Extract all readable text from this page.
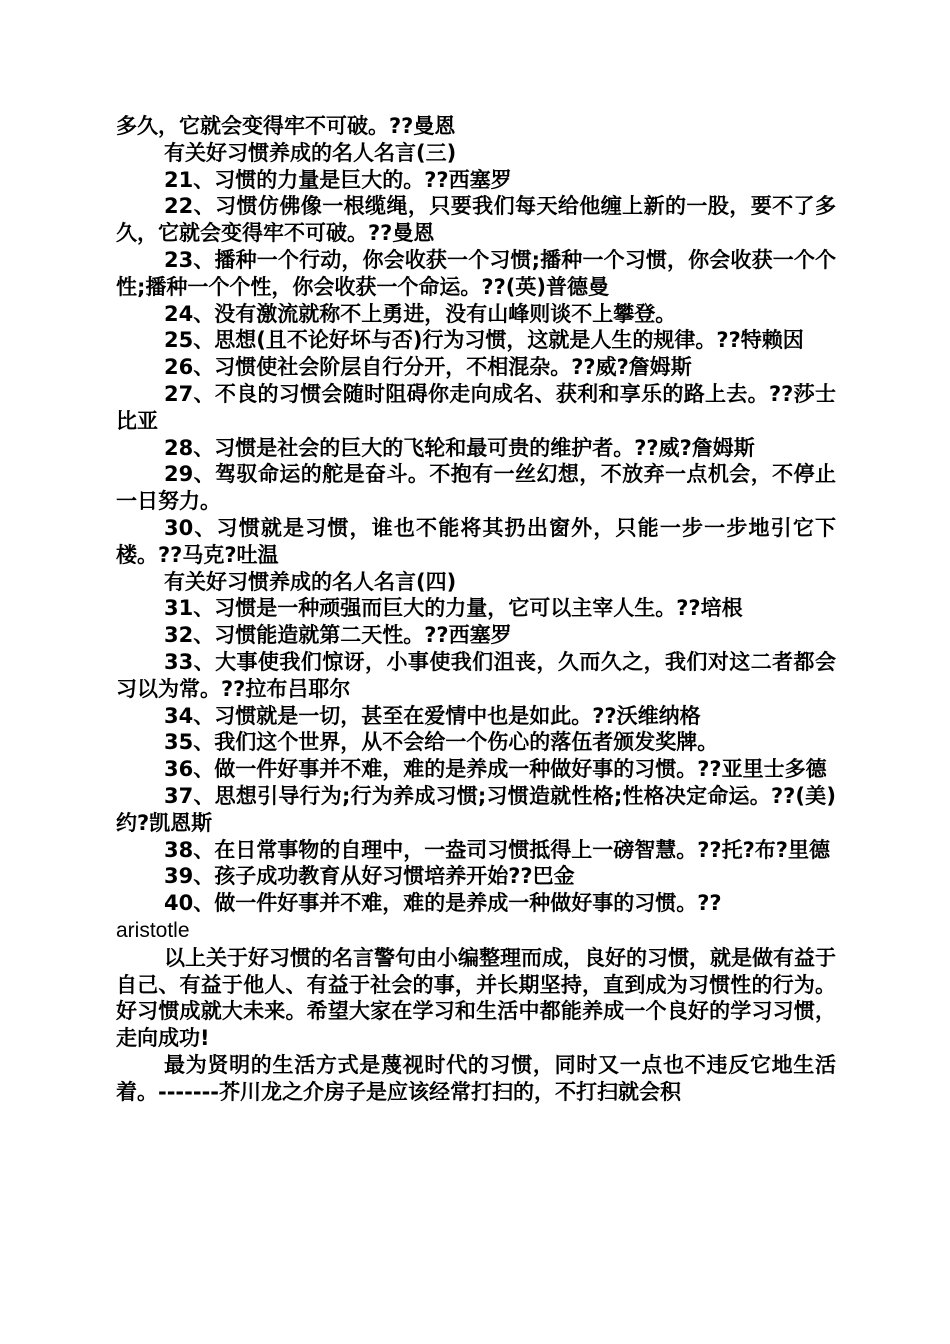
多久，它就会变得牢不可破。??曼恩

有关好习惯养成的名人名言(三)

21、习惯的力量是巨大的。??西塞罗

22、习惯仿佛像一根缆绳，只要我们每天给他缠上新的一股，要不了多久，它就会变得牢不可破。??曼恩

23、播种一个行动，你会收获一个习惯;播种一个习惯，你会收获一个个性;播种一个个性，你会收获一个命运。??(英)普德曼

24、没有激流就称不上勇进，没有山峰则谈不上攀登。

25、思想(且不论好坏与否)行为习惯，这就是人生的规律。??特赖因

26、习惯使社会阶层自行分开，不相混杂。??威?詹姆斯

27、不良的习惯会随时阻碍你走向成名、获利和享乐的路上去。??莎士比亚

28、习惯是社会的巨大的飞轮和最可贵的维护者。??威?詹姆斯

29、驾驭命运的舵是奋斗。不抱有一丝幻想，不放弃一点机会，不停止一日努力。

30、习惯就是习惯，谁也不能将其扔出窗外，只能一步一步地引它下楼。??马克?吐温

有关好习惯养成的名人名言(四)

31、习惯是一种顽强而巨大的力量，它可以主宰人生。??培根

32、习惯能造就第二天性。??西塞罗

33、大事使我们惊讶，小事使我们沮丧，久而久之，我们对这二者都会习以为常。??拉布吕耶尔

34、习惯就是一切，甚至在爱情中也是如此。??沃维纳格

35、我们这个世界，从不会给一个伤心的落伍者颁发奖牌。

36、做一件好事并不难，难的是养成一种做好事的习惯。??亚里士多德

37、思想引导行为;行为养成习惯;习惯造就性格;性格决定命运。??(美)约?凯恩斯

38、在日常事物的自理中，一盎司习惯抵得上一磅智慧。??托?布?里德

39、孩子成功教育从好习惯培养开始??巴金

40、做一件好事并不难，难的是养成一种做好事的习惯。??
aristotle

以上关于好习惯的名言警句由小编整理而成，良好的习惯，就是做有益于自己、有益于他人、有益于社会的事，并长期坚持，直到成为习惯性的行为。好习惯成就大未来。希望大家在学习和生活中都能养成一个良好的学习习惯，走向成功!

最为贤明的生活方式是蔑视时代的习惯，同时又一点也不违反它地生活着。-------芥川龙之介房子是应该经常打扫的，不打扫就会积
